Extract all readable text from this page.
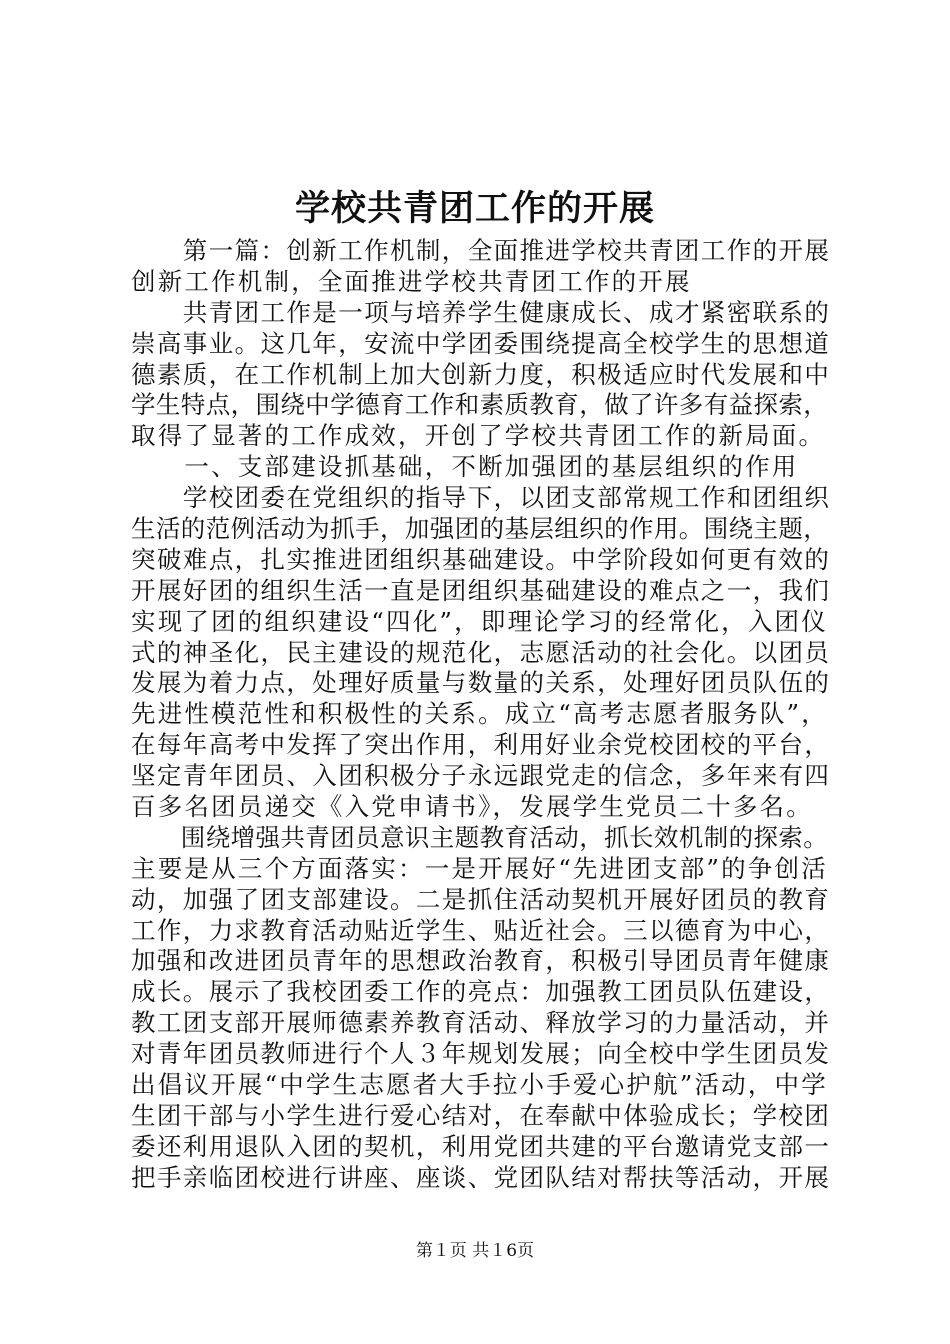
学校共青团工作的开展
　　第一篇：创新工作机制，全面推进学校共青团工作的开展
创新工作机制，全面推进学校共青团工作的开展
　　共青团工作是一项与培养学生健康成长、成才紧密联系的
崇高事业。这几年，安流中学团委围绕提高全校学生的思想道
德素质，在工作机制上加大创新力度，积极适应时代发展和中
学生特点，围绕中学德育工作和素质教育，做了许多有益探索，
取得了显著的工作成效，开创了学校共青团工作的新局面。
　　一、支部建设抓基础，不断加强团的基层组织的作用
　　学校团委在党组织的指导下，以团支部常规工作和团组织
生活的范例活动为抓手，加强团的基层组织的作用。围绕主题，
突破难点，扎实推进团组织基础建设。中学阶段如何更有效的
开展好团的组织生活一直是团组织基础建设的难点之一，我们
实现了团的组织建设“四化”，即理论学习的经常化，入团仪
式的神圣化，民主建设的规范化，志愿活动的社会化。以团员
发展为着力点，处理好质量与数量的关系，处理好团员队伍的
先进性模范性和积极性的关系。成立“高考志愿者服务队”，
在每年高考中发挥了突出作用，利用好业余党校团校的平台，
坚定青年团员、入团积极分子永远跟党走的信念，多年来有四
百多名团员递交《入党申请书》，发展学生党员二十多名。
　　围绕增强共青团员意识主题教育活动，抓长效机制的探索。
主要是从三个方面落实：一是开展好“先进团支部”的争创活
动，加强了团支部建设。二是抓住活动契机开展好团员的教育
工作，力求教育活动贴近学生、贴近社会。三以德育为中心，
加强和改进团员青年的思想政治教育，积极引导团员青年健康
成长。展示了我校团委工作的亮点：加强教工团员队伍建设，
教工团支部开展师德素养教育活动、释放学习的力量活动，并
对青年团员教师进行个人３年规划发展；向全校中学生团员发
出倡议开展“中学生志愿者大手拉小手爱心护航”活动，中学
生团干部与小学生进行爱心结对，在奉献中体验成长；学校团
委还利用退队入团的契机，利用党团共建的平台邀请党支部一
把手亲临团校进行讲座、座谈、党团队结对帮扶等活动，开展
第１页 共１6页
